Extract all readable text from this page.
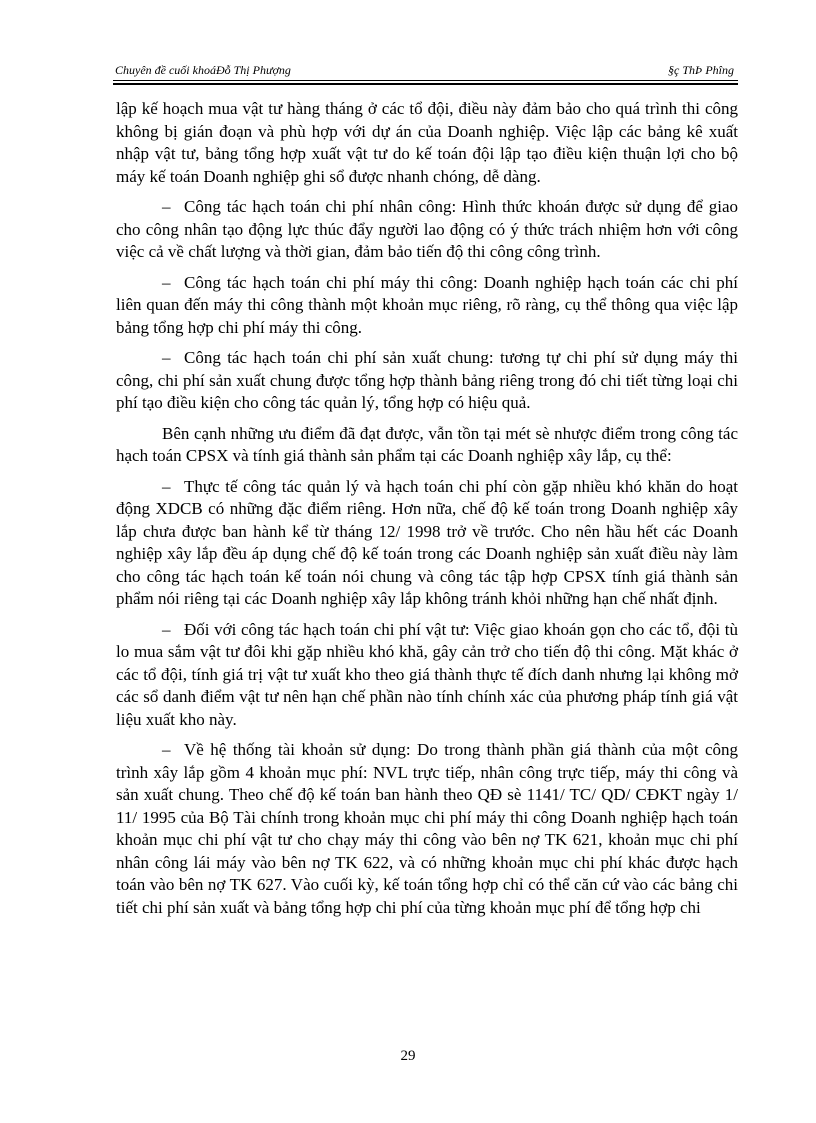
Chuyên đề cuối khoáĐỗ Thị Phượng	§ç ThÞ Phîng

lập kế hoạch mua vật tư hàng tháng ở các tổ đội, điều này đảm bảo cho quá trình thi công không bị gián đoạn và phù hợp với dự án của Doanh nghiệp. Việc lập các bảng kê xuất nhập vật tư, bảng tổng hợp xuất vật tư do kế toán đội lập tạo điều kiện thuận lợi cho bộ máy kế toán Doanh nghiệp ghi sổ được nhanh chóng, dễ dàng.

– Công tác hạch toán chi phí nhân công: Hình thức khoán được sử dụng để giao cho công nhân tạo động lực thúc đẩy người lao động có ý thức trách nhiệm hơn với công việc cả về chất lượng và thời gian, đảm bảo tiến độ thi công công trình.

– Công tác hạch toán chi phí máy thi công: Doanh nghiệp hạch toán các chi phí liên quan đến máy thi công thành một khoản mục riêng, rõ ràng, cụ thể thông qua việc lập bảng tổng hợp chi phí máy thi công.

– Công tác hạch toán chi phí sản xuất chung: tương tự chi phí sử dụng máy thi công, chi phí sản xuất chung được tổng hợp thành bảng riêng trong đó chi tiết từng loại chi phí tạo điều kiện cho công tác quản lý, tổng hợp có hiệu quả.

Bên cạnh những ưu điểm đã đạt được, vẫn tồn tại mét sè nhược điểm trong công tác hạch toán CPSX và tính giá thành sản phẩm tại các Doanh nghiệp xây lắp, cụ thể:

– Thực tế công tác quản lý và hạch toán chi phí còn gặp nhiều khó khăn do hoạt động XDCB có những đặc điểm riêng. Hơn nữa, chế độ kế toán trong Doanh nghiệp xây lắp chưa được ban hành kể từ tháng 12/ 1998 trở về trước. Cho nên hầu hết các Doanh nghiệp xây lắp đều áp dụng chế độ kế toán trong các Doanh nghiệp sản xuất điều này làm cho công tác hạch toán kế toán nói chung và công tác tập hợp CPSX tính giá thành sản phẩm nói riêng tại các Doanh nghiệp xây lắp không tránh khỏi những hạn chế nhất định.

– Đối với công tác hạch toán chi phí vật tư: Việc giao khoán gọn cho các tổ, đội tù lo mua sắm vật tư đôi khi gặp nhiều khó khă, gây cản trở cho tiến độ thi công. Mặt khác ở các tổ đội, tính giá trị vật tư xuất kho theo giá thành thực tế đích danh nhưng lại không mở các sổ danh điểm vật tư nên hạn chế phần nào tính chính xác của phương pháp tính giá vật liệu xuất kho này.

– Về hệ thống tài khoản sử dụng: Do trong thành phần giá thành của một công trình xây lắp gồm 4 khoản mục phí: NVL trực tiếp, nhân công trực tiếp, máy thi công và sản xuất chung. Theo chế độ kế toán ban hành theo QĐ sè 1141/ TC/ QD/ CĐKT ngày 1/ 11/ 1995 của Bộ Tài chính trong khoản mục chi phí máy thi công Doanh nghiệp hạch toán khoản mục chi phí vật tư cho chạy máy thi công vào bên nợ TK 621, khoản mục chi phí nhân công lái máy vào bên nợ TK 622, và có những khoản mục chi phí khác được hạch toán vào bên nợ TK 627. Vào cuối kỳ, kế toán tổng hợp chỉ có thể căn cứ vào các bảng chi tiết chi phí sản xuất và bảng tổng hợp chi phí của từng khoản mục phí để tổng hợp chi

29
